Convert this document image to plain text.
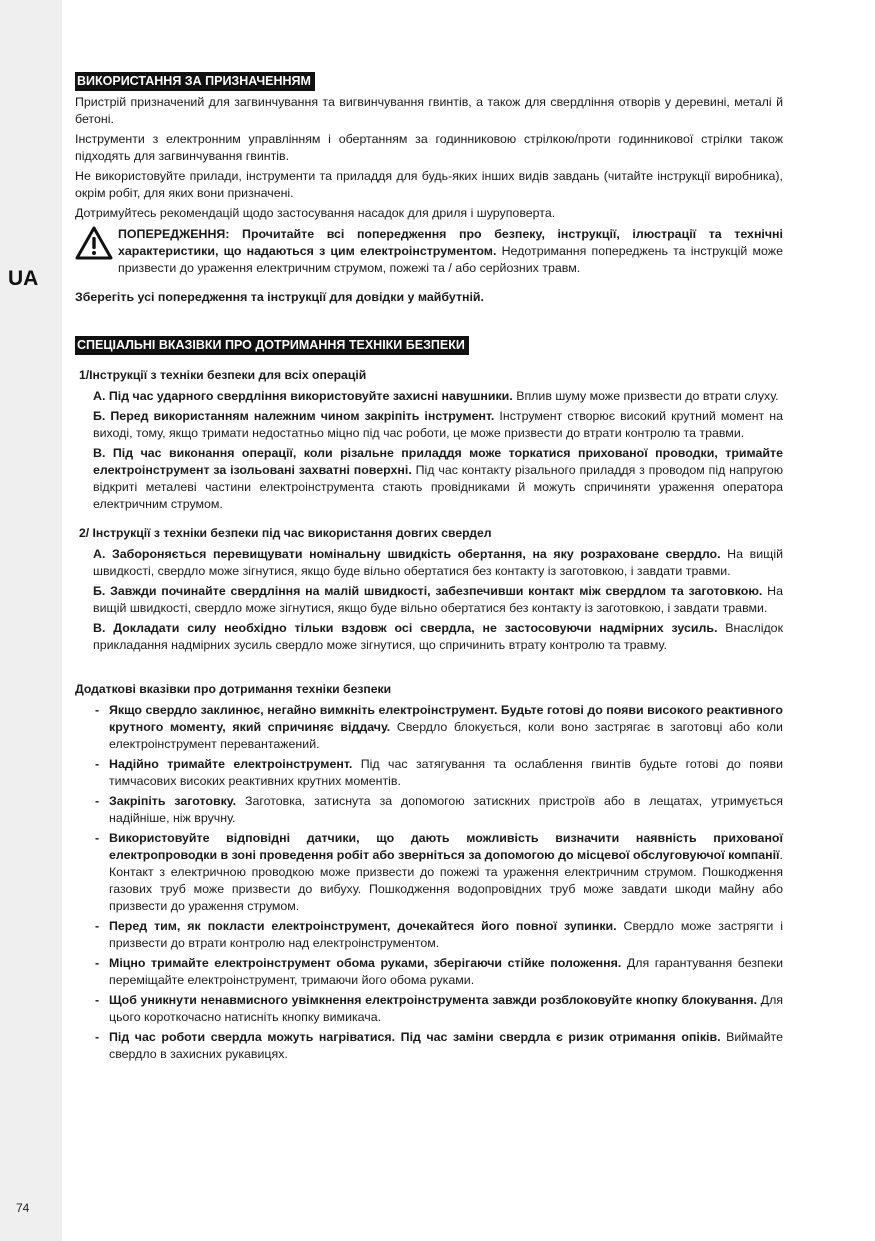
UA
74
ВИКОРИСТАННЯ ЗА ПРИЗНАЧЕННЯМ

Пристрій призначений для загвинчування та вигвинчування гвинтів, а також для свердління отворів у деревині, металі й бетоні.

Інструменти з електронним управлінням і обертанням за годинниковою стрілкою/проти годинникової стрілки також підходять для загвинчування гвинтів.

Не використовуйте прилади, інструменти та приладдя для будь-яких інших видів завдань (читайте інструкції виробника), окрім робіт, для яких вони призначені.

Дотримуйтесь рекомендацій щодо застосування насадок для дриля і шуруповерта.

ПОПЕРЕДЖЕННЯ: Прочитайте всі попередження про безпеку, інструкції, ілюстрації та технічні характеристики, що надаються з цим електроінструментом. Недотримання попереджень та інструкцій може призвести до ураження електричним струмом, пожежі та / або серйозних травм.

Зберегіть усі попередження та інструкції для довідки у майбутній.

СПЕЦІАЛЬНІ ВКАЗІВКИ ПРО ДОТРИМАННЯ ТЕХНІКИ БЕЗПЕКИ
1/Інструкції з техніки безпеки для всіх операцій
А. Під час ударного свердління використовуйте захисні навушники. Вплив шуму може призвести до втрати слуху.
Б. Перед використанням належним чином закріпіть інструмент. Інструмент створює високий крутний момент на виході, тому, якщо тримати недостатньо міцно під час роботи, це може призвести до втрати контролю та травми.
В. Під час виконання операції, коли різальне приладдя може торкатися прихованої проводки, тримайте електроінструмент за ізольовані захватні поверхні. Під час контакту різального приладдя з проводом під напругою відкриті металеві частини електроінструмента стають провідниками й можуть спричиняти ураження оператора електричним струмом.
2/ Інструкції з техніки безпеки під час використання довгих свердел
А. Забороняється перевищувати номінальну швидкість обертання, на яку розраховане свердло. На вищій швидкості, свердло може зігнутися, якщо буде вільно обертатися без контакту із заготовкою, і завдати травми.
Б. Завжди починайте свердління на малій швидкості, забезпечивши контакт між свердлом та заготовкою. На вищій швидкості, свердло може зігнутися, якщо буде вільно обертатися без контакту із заготовкою, і завдати травми.
В. Докладати силу необхідно тільки вздовж осі свердла, не застосовуючи надмірних зусиль. Внаслідок прикладання надмірних зусиль свердло може зігнутися, що спричинить втрату контролю та травму.
Додаткові вказівки про дотримання техніки безпеки
- Якщо свердло заклинює, негайно вимкніть електроінструмент. Будьте готові до появи високого реактивного крутного моменту, який спричиняє віддачу. Свердло блокується, коли воно застрягає в заготовці або коли електроінструмент перевантажений.
- Надійно тримайте електроінструмент. Під час затягування та ослаблення гвинтів будьте готові до появи тимчасових високих реактивних крутних моментів.
- Закріпіть заготовку. Заготовка, затиснута за допомогою затискних пристроїв або в лещатах, утримується надійніше, ніж вручну.
- Використовуйте відповідні датчики, що дають можливість визначити наявність прихованої електропроводки в зоні проведення робіт або зверніться за допомогою до місцевої обслуговуючої компанії. Контакт з електричною проводкою може призвести до пожежі та ураження електричним струмом. Пошкодження газових труб може призвести до вибуху. Пошкодження водопровідних труб може завдати шкоди майну або призвести до ураження струмом.
- Перед тим, як покласти електроінструмент, дочекайтеся його повної зупинки. Свердло може застрягти і призвести до втрати контролю над електроінструментом.
- Міцно тримайте електроінструмент обома руками, зберігаючи стійке положення. Для гарантування безпеки переміщайте електроінструмент, тримаючи його обома руками.
- Щоб уникнути ненавмисного увімкнення електроінструмента завжди розблоковуйте кнопку блокування. Для цього короткочасно натисніть кнопку вимикача.
- Під час роботи свердла можуть нагріватися. Під час заміни свердла є ризик отримання опіків. Виймайте свердло в захисних рукавицях.
